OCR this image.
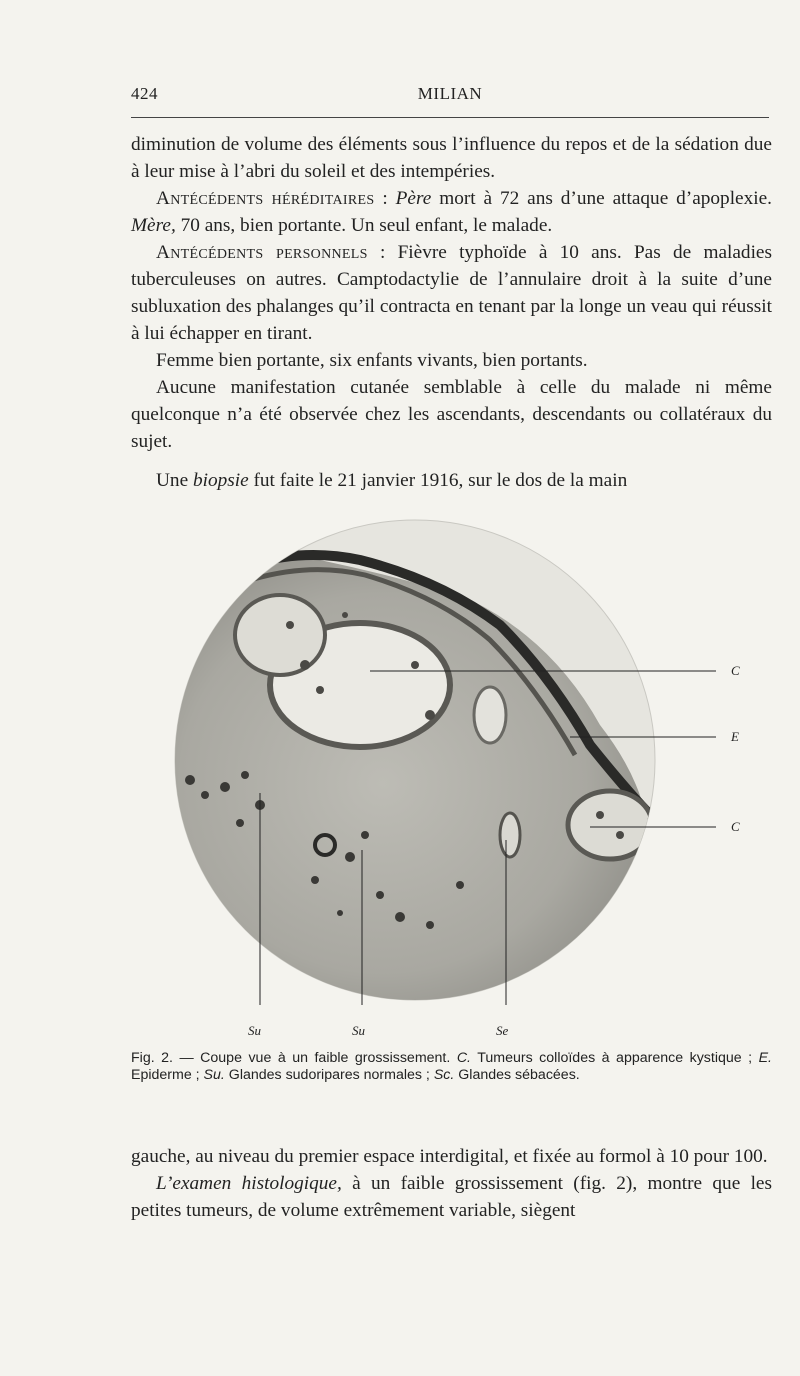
424	MILIAN

diminution de volume des éléments sous l’influence du repos et de la sédation due à leur mise à l’abri du soleil et des intempéries.

Antécédents héréditaires : Père mort à 72 ans d’une attaque d’apoplexie. Mère, 70 ans, bien portante. Un seul enfant, le malade.

Antécédents personnels : Fièvre typhoïde à 10 ans. Pas de maladies tuberculeuses on autres. Camptodactylie de l’annulaire droit à la suite d’une subluxation des phalanges qu’il contracta en tenant par la longe un veau qui réussit à lui échapper en tirant.

Femme bien portante, six enfants vivants, bien portants.

Aucune manifestation cutanée semblable à celle du malade ni même quelconque n’a été observée chez les ascendants, descendants ou collatéraux du sujet.

Une biopsie fut faite le 21 janvier 1916, sur le dos de la main

C
E
C
Su	Su	Se
Fig. 2. — Coupe vue à un faible grossissement. C. Tumeurs colloïdes à apparence kystique ; E. Epiderme ; Su. Glandes sudoripares normales ; Sc. Glandes sébacées.

gauche, au niveau du premier espace interdigital, et fixée au formol à 10 pour 100.

L’examen histologique, à un faible grossissement (fig. 2), montre que les petites tumeurs, de volume extrêmement variable, siègent
